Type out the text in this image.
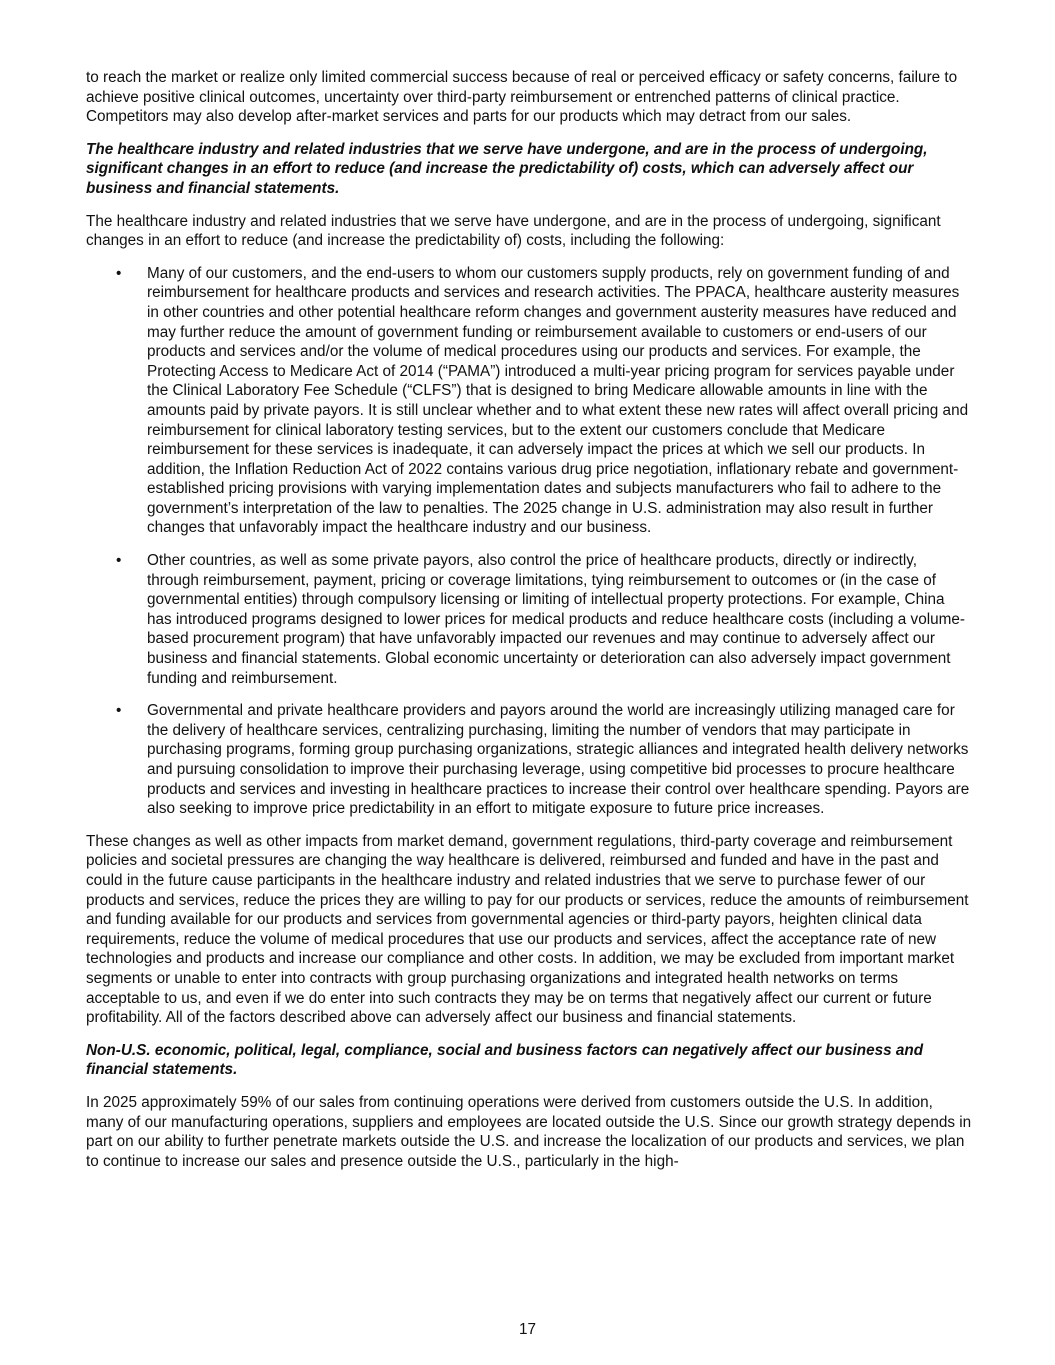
to reach the market or realize only limited commercial success because of real or perceived efficacy or safety concerns, failure to achieve positive clinical outcomes, uncertainty over third-party reimbursement or entrenched patterns of clinical practice. Competitors may also develop after-market services and parts for our products which may detract from our sales.

The healthcare industry and related industries that we serve have undergone, and are in the process of undergoing, significant changes in an effort to reduce (and increase the predictability of) costs, which can adversely affect our business and financial statements.

The healthcare industry and related industries that we serve have undergone, and are in the process of undergoing, significant changes in an effort to reduce (and increase the predictability of) costs, including the following:

• Many of our customers, and the end-users to whom our customers supply products, rely on government funding of and reimbursement for healthcare products and services and research activities. The PPACA, healthcare austerity measures in other countries and other potential healthcare reform changes and government austerity measures have reduced and may further reduce the amount of government funding or reimbursement available to customers or end-users of our products and services and/or the volume of medical procedures using our products and services. For example, the Protecting Access to Medicare Act of 2014 (“PAMA”) introduced a multi-year pricing program for services payable under the Clinical Laboratory Fee Schedule (“CLFS”) that is designed to bring Medicare allowable amounts in line with the amounts paid by private payors. It is still unclear whether and to what extent these new rates will affect overall pricing and reimbursement for clinical laboratory testing services, but to the extent our customers conclude that Medicare reimbursement for these services is inadequate, it can adversely impact the prices at which we sell our products. In addition, the Inflation Reduction Act of 2022 contains various drug price negotiation, inflationary rebate and government-established pricing provisions with varying implementation dates and subjects manufacturers who fail to adhere to the government’s interpretation of the law to penalties. The 2025 change in U.S. administration may also result in further changes that unfavorably impact the healthcare industry and our business.
• Other countries, as well as some private payors, also control the price of healthcare products, directly or indirectly, through reimbursement, payment, pricing or coverage limitations, tying reimbursement to outcomes or (in the case of governmental entities) through compulsory licensing or limiting of intellectual property protections. For example, China has introduced programs designed to lower prices for medical products and reduce healthcare costs (including a volume-based procurement program) that have unfavorably impacted our revenues and may continue to adversely affect our business and financial statements. Global economic uncertainty or deterioration can also adversely impact government funding and reimbursement.
• Governmental and private healthcare providers and payors around the world are increasingly utilizing managed care for the delivery of healthcare services, centralizing purchasing, limiting the number of vendors that may participate in purchasing programs, forming group purchasing organizations, strategic alliances and integrated health delivery networks and pursuing consolidation to improve their purchasing leverage, using competitive bid processes to procure healthcare products and services and investing in healthcare practices to increase their control over healthcare spending. Payors are also seeking to improve price predictability in an effort to mitigate exposure to future price increases.

These changes as well as other impacts from market demand, government regulations, third-party coverage and reimbursement policies and societal pressures are changing the way healthcare is delivered, reimbursed and funded and have in the past and could in the future cause participants in the healthcare industry and related industries that we serve to purchase fewer of our products and services, reduce the prices they are willing to pay for our products or services, reduce the amounts of reimbursement and funding available for our products and services from governmental agencies or third-party payors, heighten clinical data requirements, reduce the volume of medical procedures that use our products and services, affect the acceptance rate of new technologies and products and increase our compliance and other costs. In addition, we may be excluded from important market segments or unable to enter into contracts with group purchasing organizations and integrated health networks on terms acceptable to us, and even if we do enter into such contracts they may be on terms that negatively affect our current or future profitability. All of the factors described above can adversely affect our business and financial statements.

Non-U.S. economic, political, legal, compliance, social and business factors can negatively affect our business and financial statements.

In 2025 approximately 59% of our sales from continuing operations were derived from customers outside the U.S. In addition, many of our manufacturing operations, suppliers and employees are located outside the U.S. Since our growth strategy depends in part on our ability to further penetrate markets outside the U.S. and increase the localization of our products and services, we plan to continue to increase our sales and presence outside the U.S., particularly in the high-

17
